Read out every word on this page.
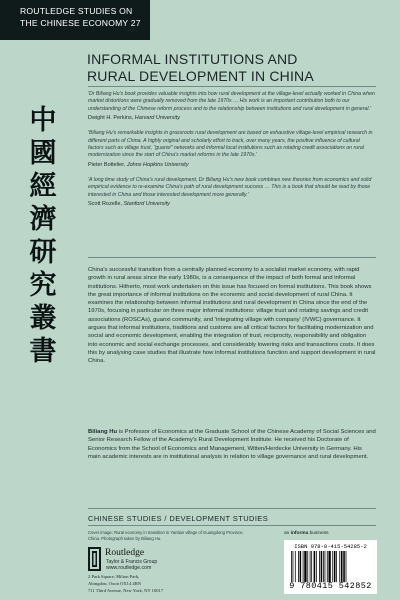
ROUTLEDGE STUDIES ON
THE CHINESE ECONOMY 27
INFORMAL INSTITUTIONS AND
RURAL DEVELOPMENT IN CHINA
中
國
經
濟
研
究
叢
書
'Dr Biliang Hu's book provides valuable insights into how rural development at the village-level actually worked in China when market distortions were gradually removed from the late 1970s … His work is an important contribution both to our understanding of the Chinese reform process and to the relationship between institutions and rural development in general.'
Dwight H. Perkins, Harvard University
'Biliang Hu's remarkable insights in grassroots rural development are based on exhaustive village-level empirical research in different parts of China. A highly original and scholarly effort to track, over many years, the positive influence of cultural factors such as village trust, "guanxi" networks and informal local institutions such as rotating credit associations on rural modernization since the start of China's market reforms in the late 1970s.'
Pieter Bottelier, Johns Hopkins University
'A long time study of China's rural development, Dr Biliang Hu's new book combines new theories from economics and solid empirical evidence to re-examine China's path of rural development success … This is a book that should be read by those interested in China and those interested development more generally.'
Scott Rozelle, Stanford University
China's successful transition from a centrally planned economy to a socialist market economy, with rapid growth in rural areas since the early 1980s, is a consequence of the impact of both formal and informal institutions. Hitherto, most work undertaken on this issue has focused on formal institutions. This book shows the great importance of informal institutions on the economic and social development of rural China. It examines the relationship between informal institutions and rural development in China since the end of the 1970s, focusing in particular on three major informal institutions: village trust and rotating savings and credit associations (ROSCAs), guanxi community, and 'integrating village with company' (IVWC) governance. It argues that informal institutions, traditions and customs are all critical factors for facilitating modernization and social and economic development, enabling the integration of trust, reciprocity, responsibility and obligation into economic and social exchange processes, and considerably lowering risks and transactions costs. It does this by analysing case studies that illustrate how informal institutions function and support development in rural China.
Biliang Hu is Professor of Economics at the Graduate School of the Chinese Academy of Social Sciences and Senior Research Fellow of the Academy's Rural Development Institute. He received his Doctorate of Economics from the School of Economics and Management, Witten/Herdecke University in Germany. His main academic interests are in institutional analysis in relation to village governance and rural development.
CHINESE STUDIES / DEVELOPMENT STUDIES
Cover image: Rural economy in transition in Yantian village of Guangdong Province, China. Photograph taken by Biliang Hu.
Routledge
Taylor & Francis Group
www.routledge.com
2 Park Square, Milton Park,
Abingdon, Oxon OX14 4RN
711 Third Avenue, New York, NY 10017
an informa business
ISBN 978-0-415-54285-2
9 780415 542852
